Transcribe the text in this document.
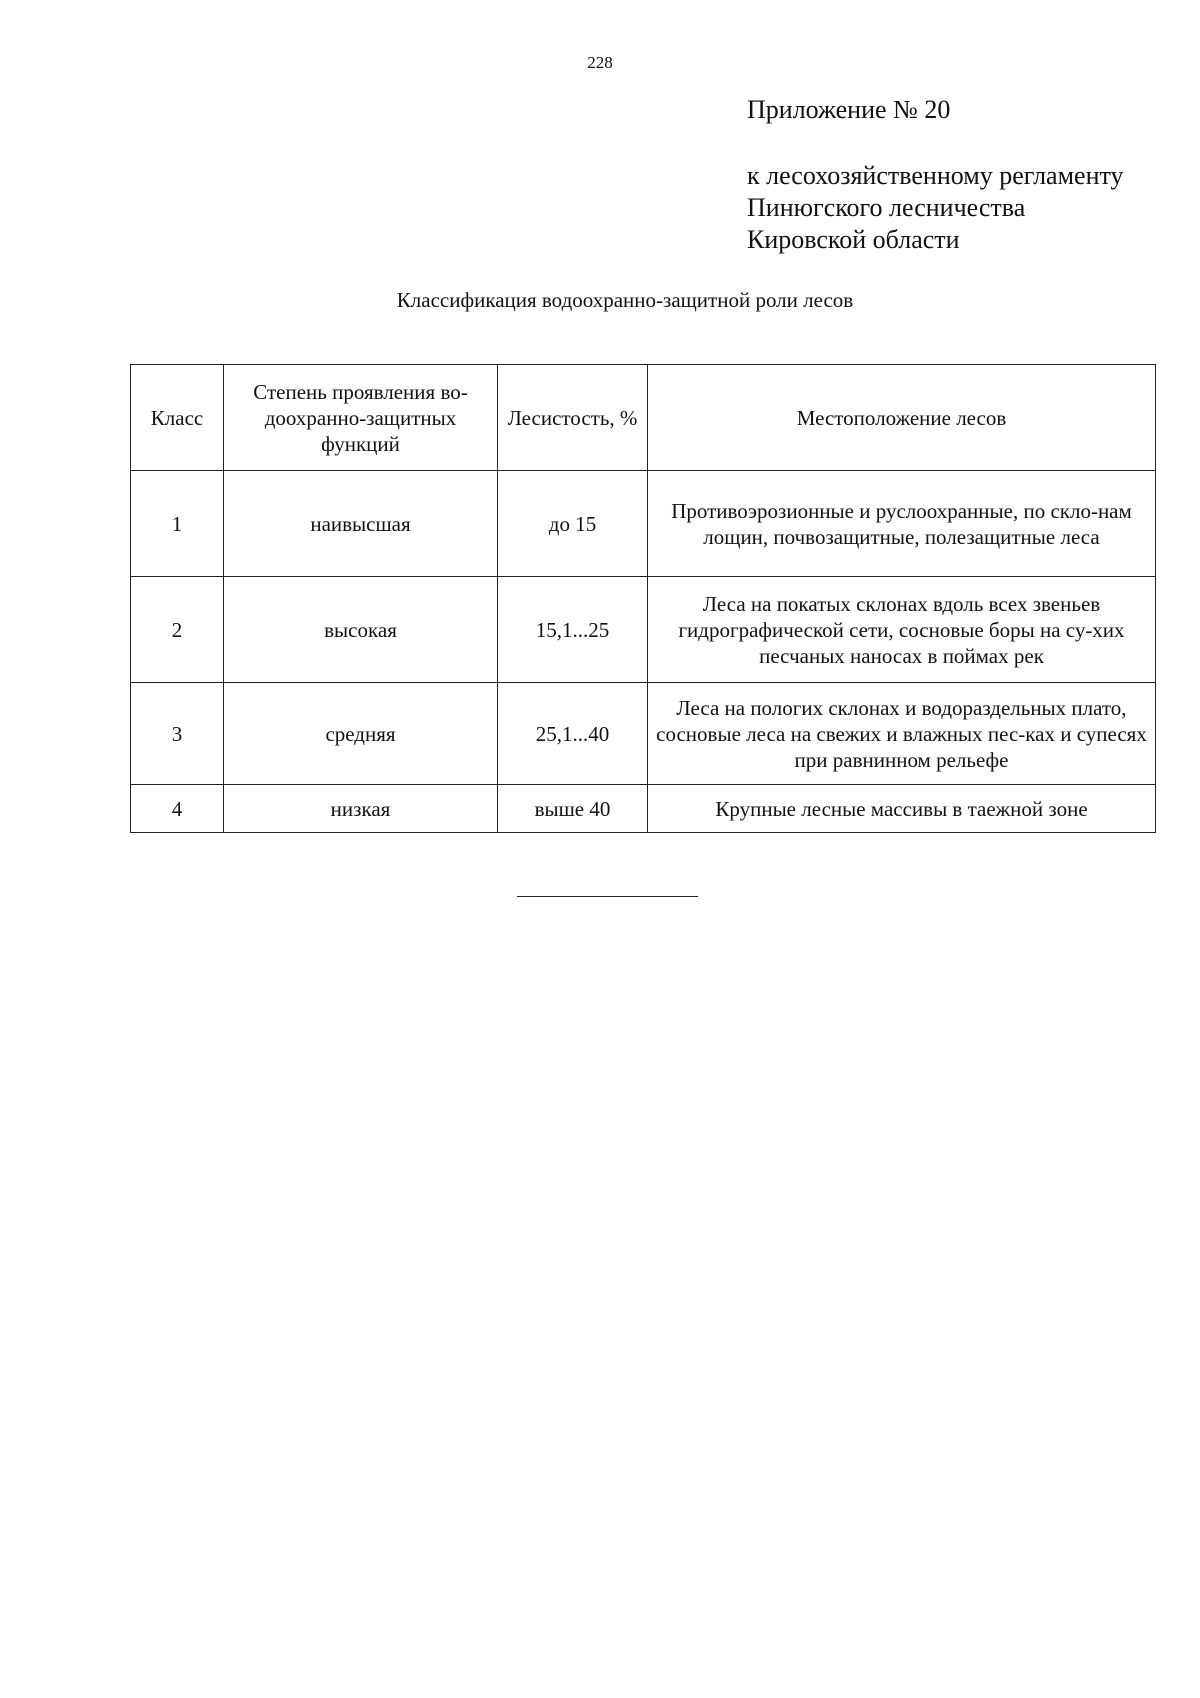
228
Приложение № 20
к лесохозяйственному регламенту
Пинюгского лесничества
Кировской области
Классификация водоохранно-защитной роли лесов
Класс	Степень проявления во-доохранно-защитных функций	Лесистость, %	Местоположение лесов
1	наивысшая	до 15	Противоэрозионные и руслоохранные, по скло-нам лощин, почвозащитные, полезащитные леса
2	высокая	15,1...25	Леса на покатых склонах вдоль всех звеньев гидрографической сети, сосновые боры на су-хих песчаных наносах в поймах рек
3	средняя	25,1...40	Леса на пологих склонах и водораздельных плато, сосновые леса на свежих и влажных пес-ках и супесях при равнинном рельефе
4	низкая	выше 40	Крупные лесные массивы в таежной зоне
